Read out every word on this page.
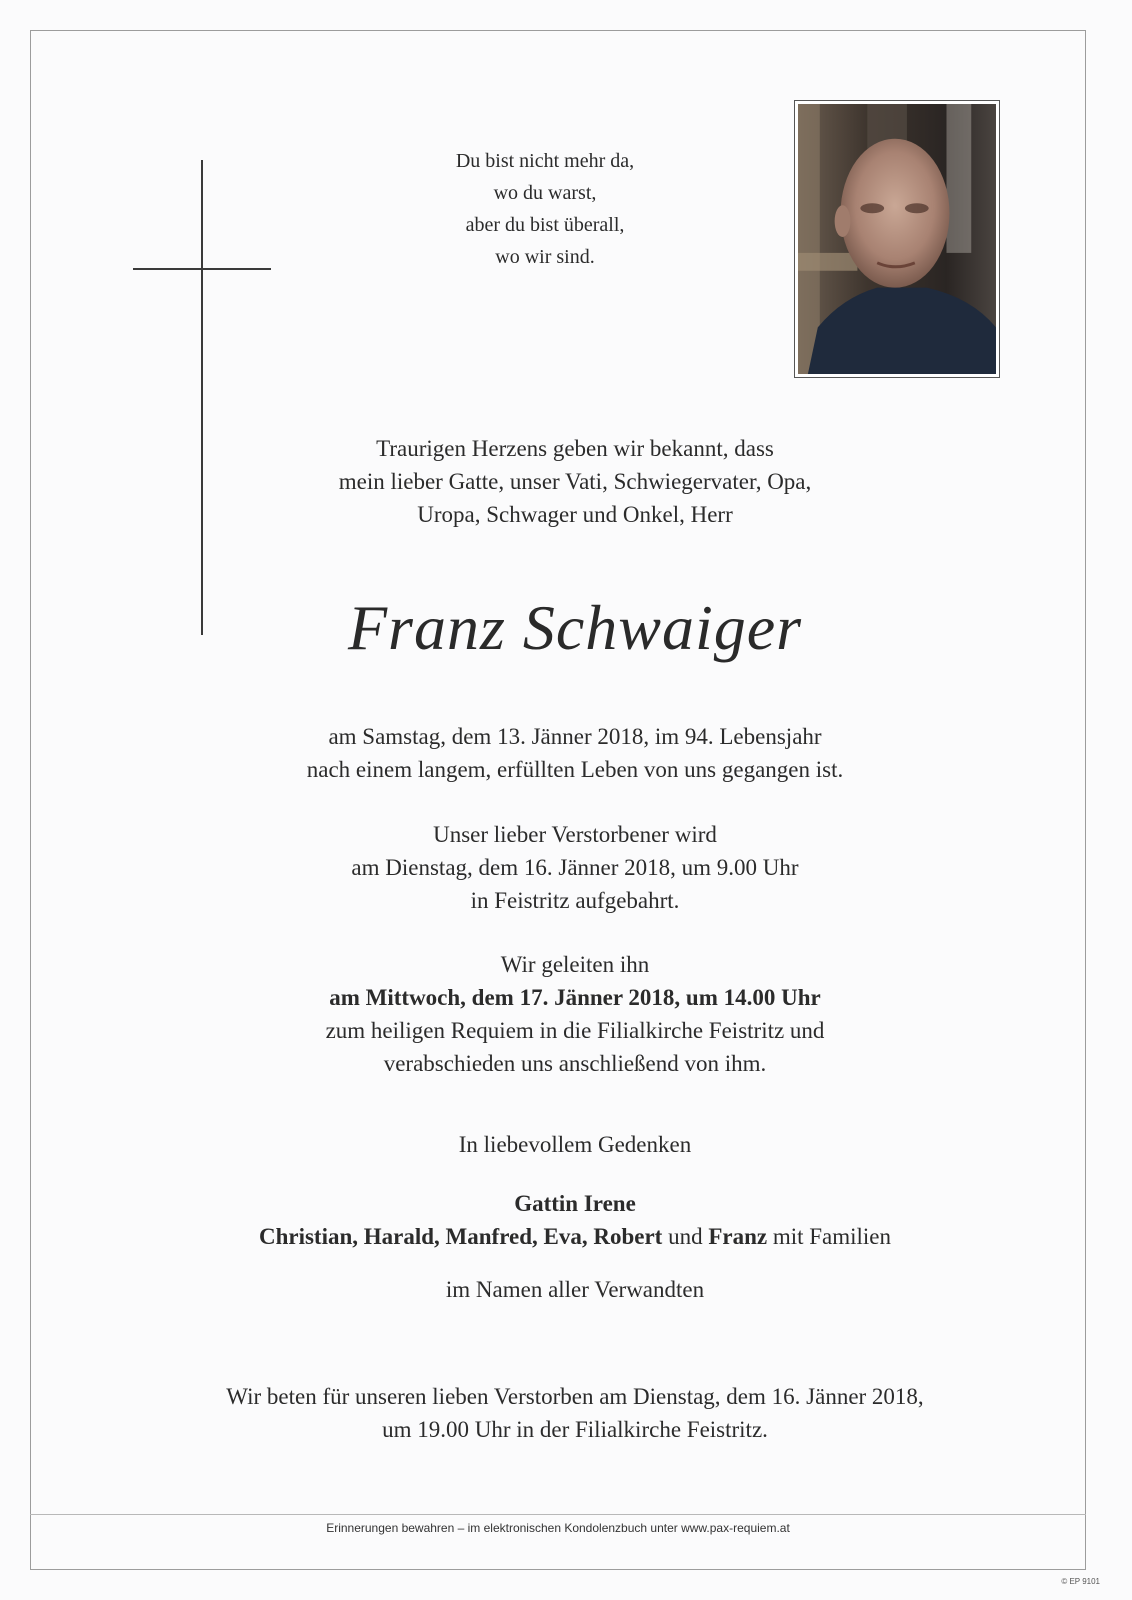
Du bist nicht mehr da,
wo du warst,
aber du bist überall,
wo wir sind.
Traurigen Herzens geben wir bekannt, dass
mein lieber Gatte, unser Vati, Schwiegervater, Opa,
Uropa, Schwager und Onkel, Herr
Franz Schwaiger
am Samstag, dem 13. Jänner 2018, im 94. Lebensjahr
nach einem langem, erfüllten Leben von uns gegangen ist.
Unser lieber Verstorbener wird
am Dienstag, dem 16. Jänner 2018, um 9.00 Uhr
in Feistritz aufgebahrt.
Wir geleiten ihn
am Mittwoch, dem 17. Jänner 2018, um 14.00 Uhr
zum heiligen Requiem in die Filialkirche Feistritz und
verabschieden uns anschließend von ihm.
In liebevollem Gedenken
Gattin Irene
Christian, Harald, Manfred, Eva, Robert und Franz mit Familien
im Namen aller Verwandten
Wir beten für unseren lieben Verstorben am Dienstag, dem 16. Jänner 2018,
um 19.00 Uhr in der Filialkirche Feistritz.
Erinnerungen bewahren – im elektronischen Kondolenzbuch unter www.pax-requiem.at
© EP 9101
